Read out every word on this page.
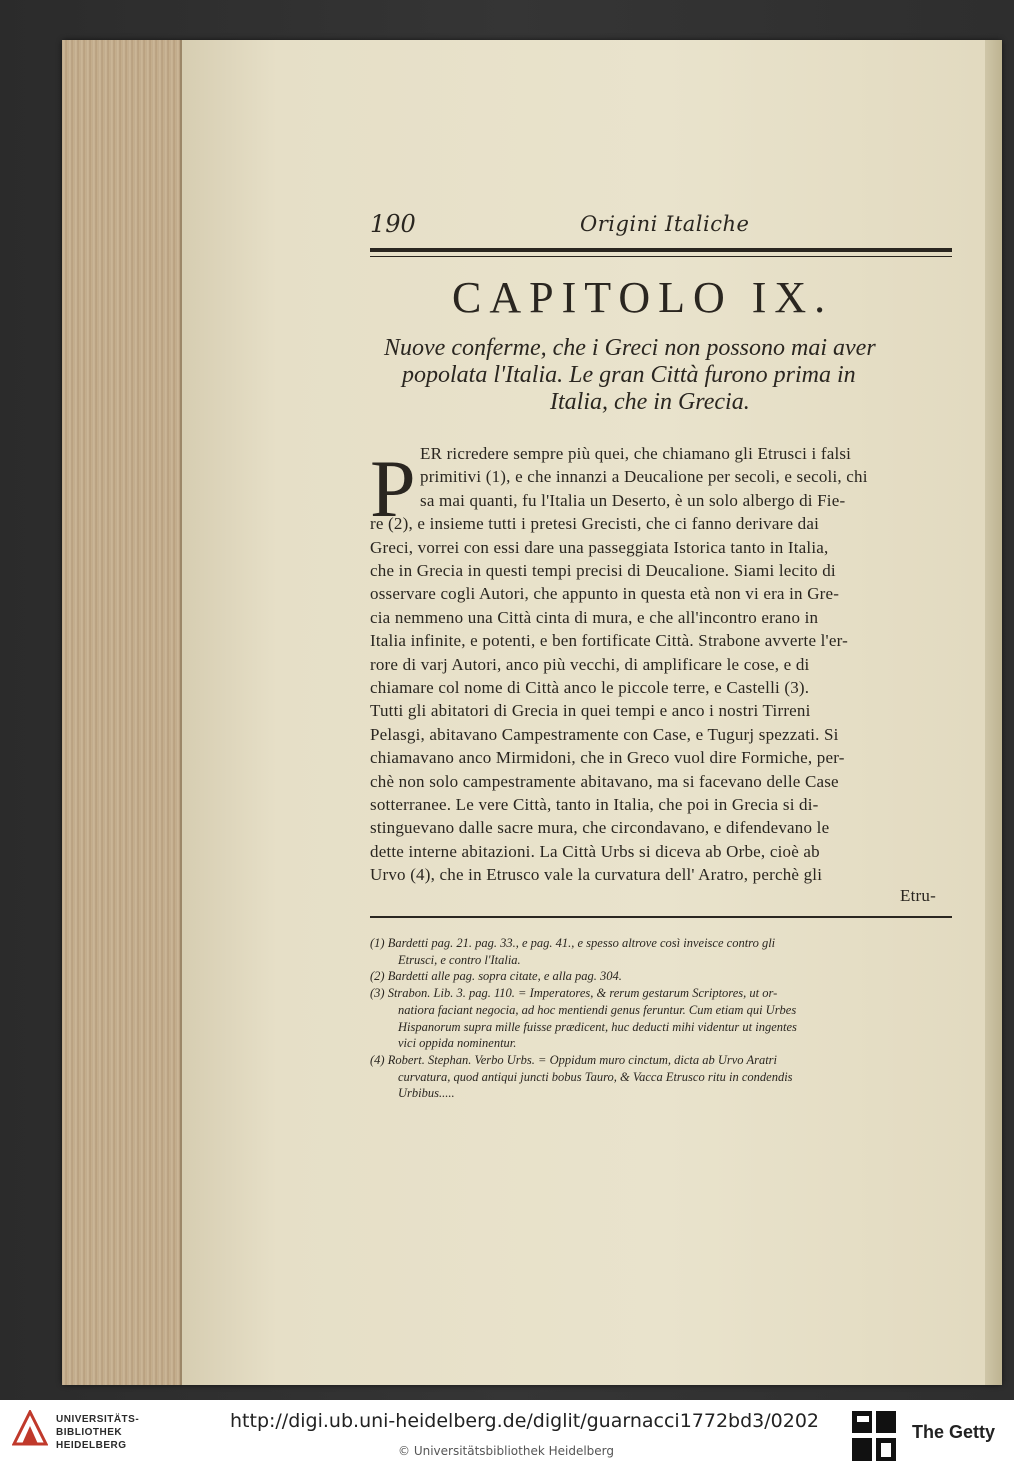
190	Origini Italiche
CAPITOLO IX.
Nuove conferme, che i Greci non possono mai aver
popolata l'Italia. Le gran Città furono prima in
Italia, che in Grecia.
P ER ricredere sempre più quei, che chiamano gli Etrusci i falsi
primitivi (1), e che innanzi a Deucalione per secoli, e secoli, chi
sa mai quanti, fu l'Italia un Deserto, è un solo albergo di Fie-
re (2), e insieme tutti i pretesi Grecisti, che ci fanno derivare dai
Greci, vorrei con essi dare una passeggiata Istorica tanto in Italia,
che in Grecia in questi tempi precisi di Deucalione. Siami lecito di
osservare cogli Autori, che appunto in questa età non vi era in Gre-
cia nemmeno una Città cinta di mura, e che all'incontro erano in
Italia infinite, e potenti, e ben fortificate Città. Strabone avverte l'er-
rore di varj Autori, anco più vecchi, di amplificare le cose, e di
chiamare col nome di Città anco le piccole terre, e Castelli (3).
Tutti gli abitatori di Grecia in quei tempi e anco i nostri Tirreni
Pelasgi, abitavano Campestramente con Case, e Tugurj spezzati. Si
chiamavano anco Mirmidoni, che in Greco vuol dire Formiche, per-
chè non solo campestramente abitavano, ma si facevano delle Case
sotterranee. Le vere Città, tanto in Italia, che poi in Grecia si di-
stinguevano dalle sacre mura, che circondavano, e difendevano le
dette interne abitazioni. La Città Urbs si diceva ab Orbe, cioè ab
Urvo (4), che in Etrusco vale la curvatura dell' Aratro, perchè gli
Etru-
(1) Bardetti pag. 21. pag. 33., e pag. 41., e spesso altrove così inveisce contro gli
Etrusci, e contro l'Italia.
(2) Bardetti alle pag. sopra citate, e alla pag. 304.
(3) Strabon. Lib. 3. pag. 110. = Imperatores, & rerum gestarum Scriptores, ut or-
natiora faciant negocia, ad hoc mentiendi genus feruntur. Cum etiam qui Urbes
Hispanorum supra mille fuisse prædicent, huc deducti mihi videntur ut ingentes
vici oppida nominentur.
(4) Robert. Stephan. Verbo Urbs. = Oppidum muro cinctum, dicta ab Urvo Aratri
curvatura, quod antiqui juncti bobus Tauro, & Vacca Etrusco ritu in condendis
Urbibus.....
UNIVERSITÄTS-
BIBLIOTHEK
HEIDELBERG
http://digi.ub.uni-heidelberg.de/diglit/guarnacci1772bd3/0202
© Universitätsbibliothek Heidelberg
The Getty
